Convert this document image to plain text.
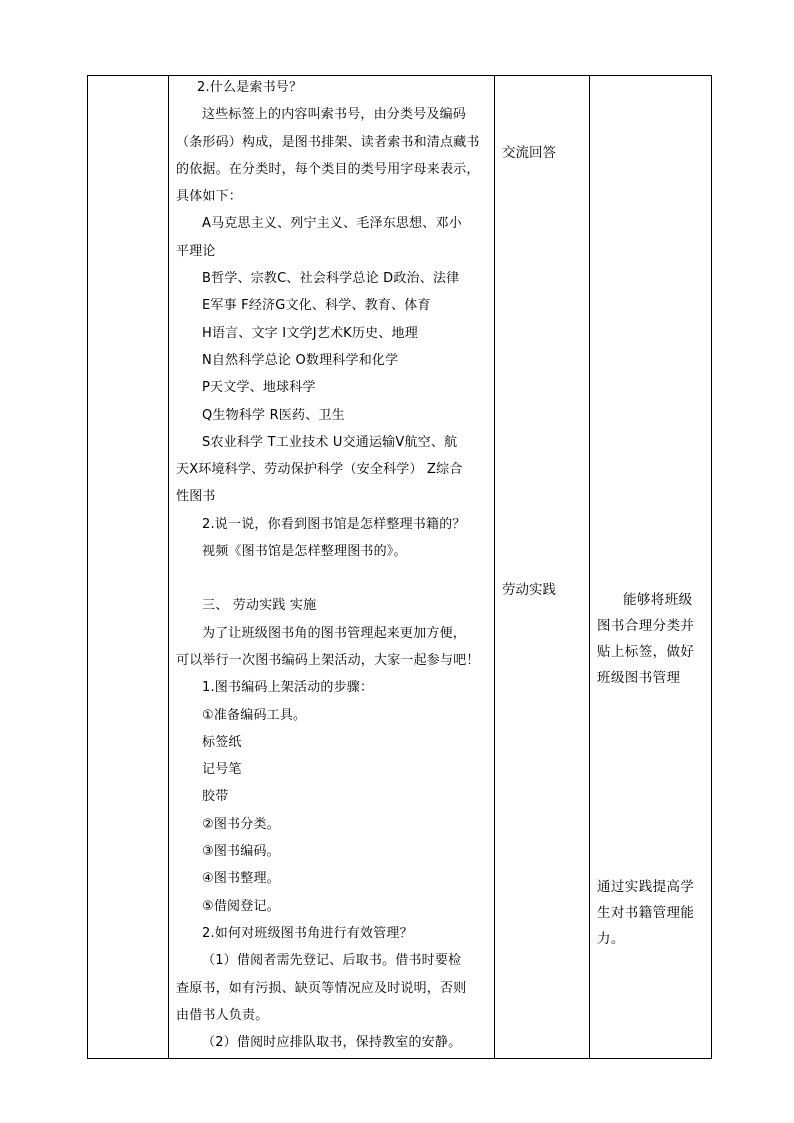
2.什么是索书号？

这些标签上的内容叫索书号，由分类号及编码

（条形码）构成，是图书排架、读者索书和清点藏书

的依据。在分类时，每个类目的类号用字母来表示，

具体如下：

A马克思主义、列宁主义、毛泽东思想、邓小

平理论

B哲学、宗教C、社会科学总论 D政治、法律

E军事 F经济G文化、科学、教育、体育

H语言、文字 I文学J艺术K历史、地理

N自然科学总论 O数理科学和化学

P天文学、地球科学

Q生物科学 R医药、卫生

S农业科学 T工业技术 U交通运输V航空、航

天X环境科学、劳动保护科学（安全科学） Z综合

性图书

2.说一说，你看到图书馆是怎样整理书籍的？

视频《图书馆是怎样整理图书的》。

三、 劳动实践 实施

为了让班级图书角的图书管理起来更加方便，

可以举行一次图书编码上架活动，大家一起参与吧！

1.图书编码上架活动的步骤：

①准备编码工具。

标签纸

记号笔

胶带

②图书分类。

③图书编码。

④图书整理。

⑤借阅登记。

2.如何对班级图书角进行有效管理？

（1）借阅者需先登记、后取书。借书时要检

查原书，如有污损、缺页等情况应及时说明，否则

由借书人负责。

（2）借阅时应排队取书，保持教室的安静。

交流回答
劳动实践

能够将班级图书合理分类并贴上标签，做好班级图书管理
通过实践提高学生对书籍管理能力。
